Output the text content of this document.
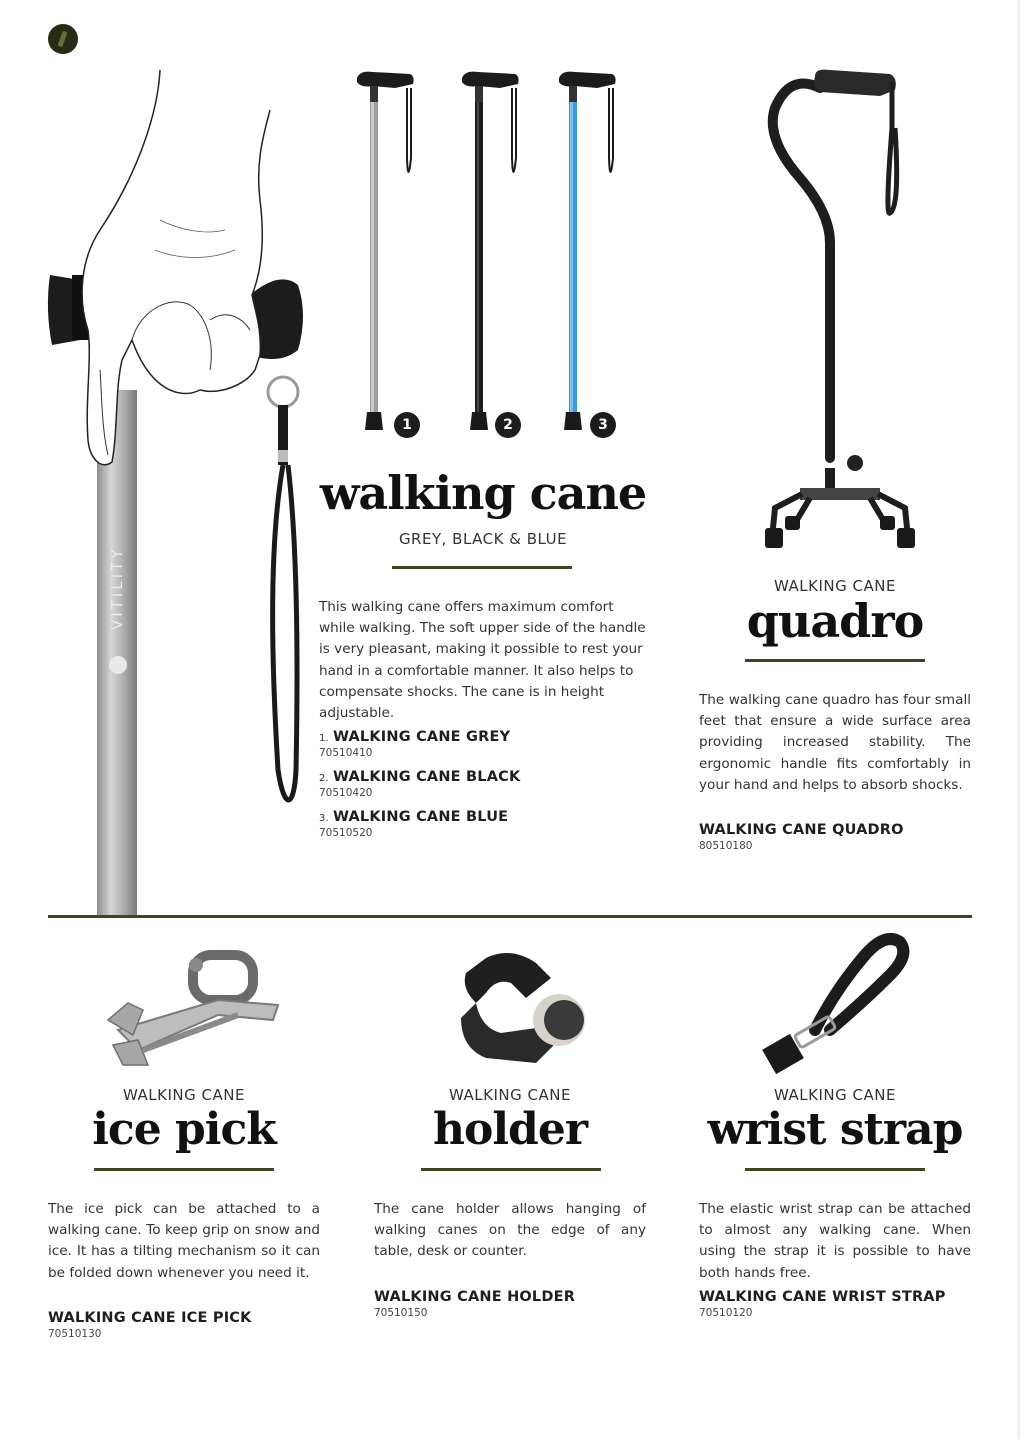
VITILITY
1	2	3
walking cane
GREY, BLACK & BLUE
This walking cane offers maximum comfort while walking. The soft upper side of the handle is very pleasant, making it possible to rest your hand in a comfortable manner. It also helps to compensate shocks. The cane is in height adjustable.
1. WALKING CANE GREY
70510410
2. WALKING CANE BLACK
70510420
3. WALKING CANE BLUE
70510520
WALKING CANE
quadro
The walking cane quadro has four small feet that ensure a wide surface area providing increased stability. The ergonomic handle fits comfortably in your hand and helps to absorb shocks.
WALKING CANE QUADRO
80510180
WALKING CANE
ice pick
The ice pick can be attached to a walking cane. To keep grip on snow and ice. It has a tilting mechanism so it can be folded down whenever you need it.
WALKING CANE ICE PICK
70510130
WALKING CANE
holder
The cane holder allows hanging of walking canes on the edge of any table, desk or counter.
WALKING CANE HOLDER
70510150
WALKING CANE
wrist strap
The elastic wrist strap can be attached to almost any walking cane. When using the strap it is possible to have both hands free.
WALKING CANE WRIST STRAP
70510120
